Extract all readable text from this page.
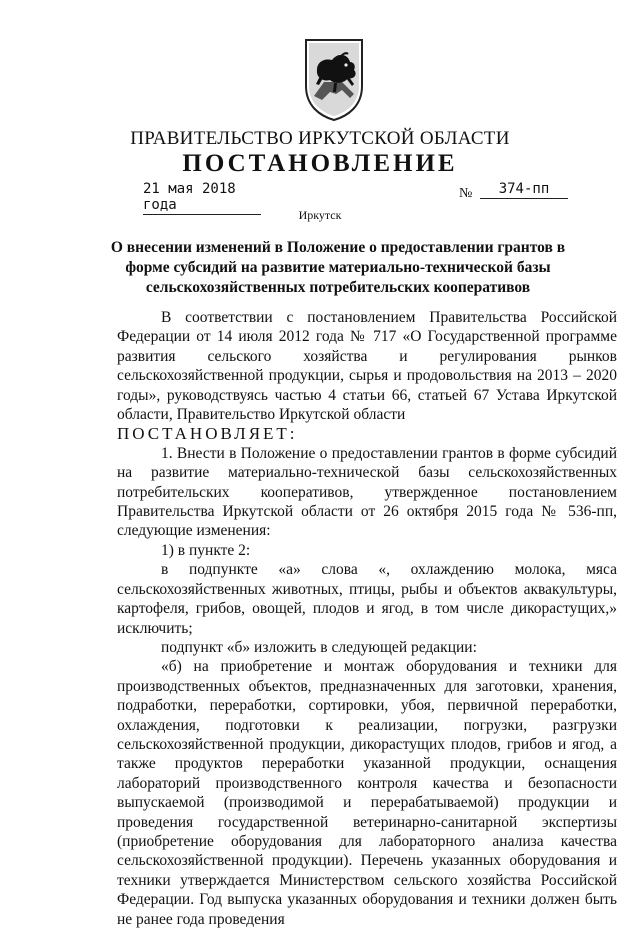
ПРАВИТЕЛЬСТВО ИРКУТСКОЙ ОБЛАСТИ
ПОСТАНОВЛЕНИЕ
21 мая 2018 года
№	374-пп
Иркутск
О внесении изменений в Положение о предоставлении грантов в форме субсидий на развитие материально-технической базы сельскохозяйственных потребительских кооперативов

В соответствии с постановлением Правительства Российской Федерации от 14 июля 2012 года № 717 «О Государственной программе развития сельского хозяйства и регулирования рынков сельскохозяйственной продукции, сырья и продовольствия на 2013 – 2020 годы», руководствуясь частью 4 статьи 66, статьей 67 Устава Иркутской области, Правительство Иркутской области

ПОСТАНОВЛЯЕТ:

1. Внести в Положение о предоставлении грантов в форме субсидий на развитие материально-технической базы сельскохозяйственных потребительских кооперативов, утвержденное постановлением Правительства Иркутской области от 26 октября 2015 года № 536-пп, следующие изменения:

1) в пункте 2:

в подпункте «а» слова «, охлаждению молока, мяса сельскохозяйственных животных, птицы, рыбы и объектов аквакультуры, картофеля, грибов, овощей, плодов и ягод, в том числе дикорастущих,» исключить;

подпункт «б» изложить в следующей редакции:

«б) на приобретение и монтаж оборудования и техники для производственных объектов, предназначенных для заготовки, хранения, подработки, переработки, сортировки, убоя, первичной переработки, охлаждения, подготовки к реализации, погрузки, разгрузки сельскохозяйственной продукции, дикорастущих плодов, грибов и ягод, а также продуктов переработки указанной продукции, оснащения лабораторий производственного контроля качества и безопасности выпускаемой (производимой и перерабатываемой) продукции и проведения государственной ветеринарно-санитарной экспертизы (приобретение оборудования для лабораторного анализа качества сельскохозяйственной продукции). Перечень указанных оборудования и техники утверждается Министерством сельского хозяйства Российской Федерации. Год выпуска указанных оборудования и техники должен быть не ранее года проведения
